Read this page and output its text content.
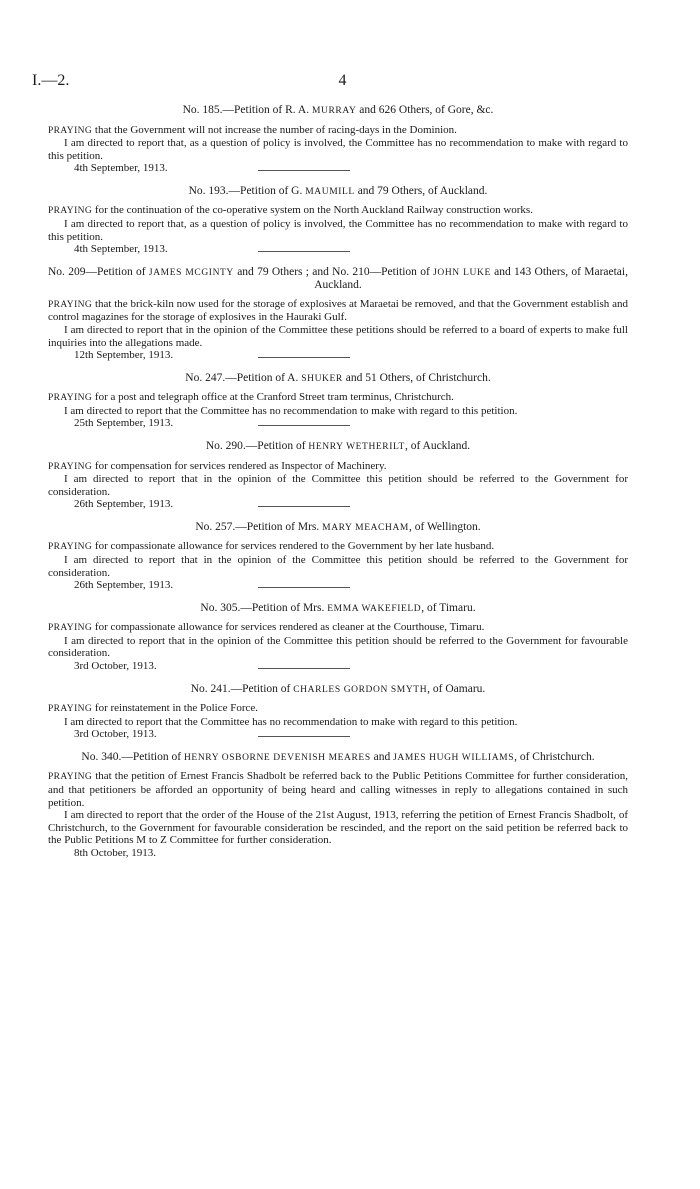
I.—2.	4

No. 185.—Petition of R. A. MURRAY and 626 Others, of Gore, &c.

PRAYING that the Government will not increase the number of racing-days in the Dominion.

I am directed to report that, as a question of policy is involved, the Committee has no recommendation to make with regard to this petition.

4th September, 1913.

No. 193.—Petition of G. MAUMILL and 79 Others, of Auckland.

PRAYING for the continuation of the co-operative system on the North Auckland Railway construction works.

I am directed to report that, as a question of policy is involved, the Committee has no recommendation to make with regard to this petition.

4th September, 1913.

No. 209—Petition of JAMES MCGINTY and 79 Others ; and No. 210—Petition of JOHN LUKE and 143 Others, of Maraetai, Auckland.

PRAYING that the brick-kiln now used for the storage of explosives at Maraetai be removed, and that the Government establish and control magazines for the storage of explosives in the Hauraki Gulf.

I am directed to report that in the opinion of the Committee these petitions should be referred to a board of experts to make full inquiries into the allegations made.

12th September, 1913.

No. 247.—Petition of A. SHUKER and 51 Others, of Christchurch.

PRAYING for a post and telegraph office at the Cranford Street tram terminus, Christchurch.

I am directed to report that the Committee has no recommendation to make with regard to this petition.

25th September, 1913.

No. 290.—Petition of HENRY WETHERILT, of Auckland.

PRAYING for compensation for services rendered as Inspector of Machinery.

I am directed to report that in the opinion of the Committee this petition should be referred to the Government for consideration.

26th September, 1913.

No. 257.—Petition of Mrs. MARY MEACHAM, of Wellington.

PRAYING for compassionate allowance for services rendered to the Government by her late husband.

I am directed to report that in the opinion of the Committee this petition should be referred to the Government for consideration.

26th September, 1913.

No. 305.—Petition of Mrs. EMMA WAKEFIELD, of Timaru.

PRAYING for compassionate allowance for services rendered as cleaner at the Courthouse, Timaru.

I am directed to report that in the opinion of the Committee this petition should be referred to the Government for favourable consideration.

3rd October, 1913.

No. 241.—Petition of CHARLES GORDON SMYTH, of Oamaru.

PRAYING for reinstatement in the Police Force.

I am directed to report that the Committee has no recommendation to make with regard to this petition.

3rd October, 1913.

No. 340.—Petition of HENRY OSBORNE DEVENISH MEARES and JAMES HUGH WILLIAMS, of Christchurch.

PRAYING that the petition of Ernest Francis Shadbolt be referred back to the Public Petitions Committee for further consideration, and that petitioners be afforded an opportunity of being heard and calling witnesses in reply to allegations contained in such petition.

I am directed to report that the order of the House of the 21st August, 1913, referring the petition of Ernest Francis Shadbolt, of Christchurch, to the Government for favourable consideration be rescinded, and the report on the said petition be referred back to the Public Petitions M to Z Committee for further consideration.

8th October, 1913.
